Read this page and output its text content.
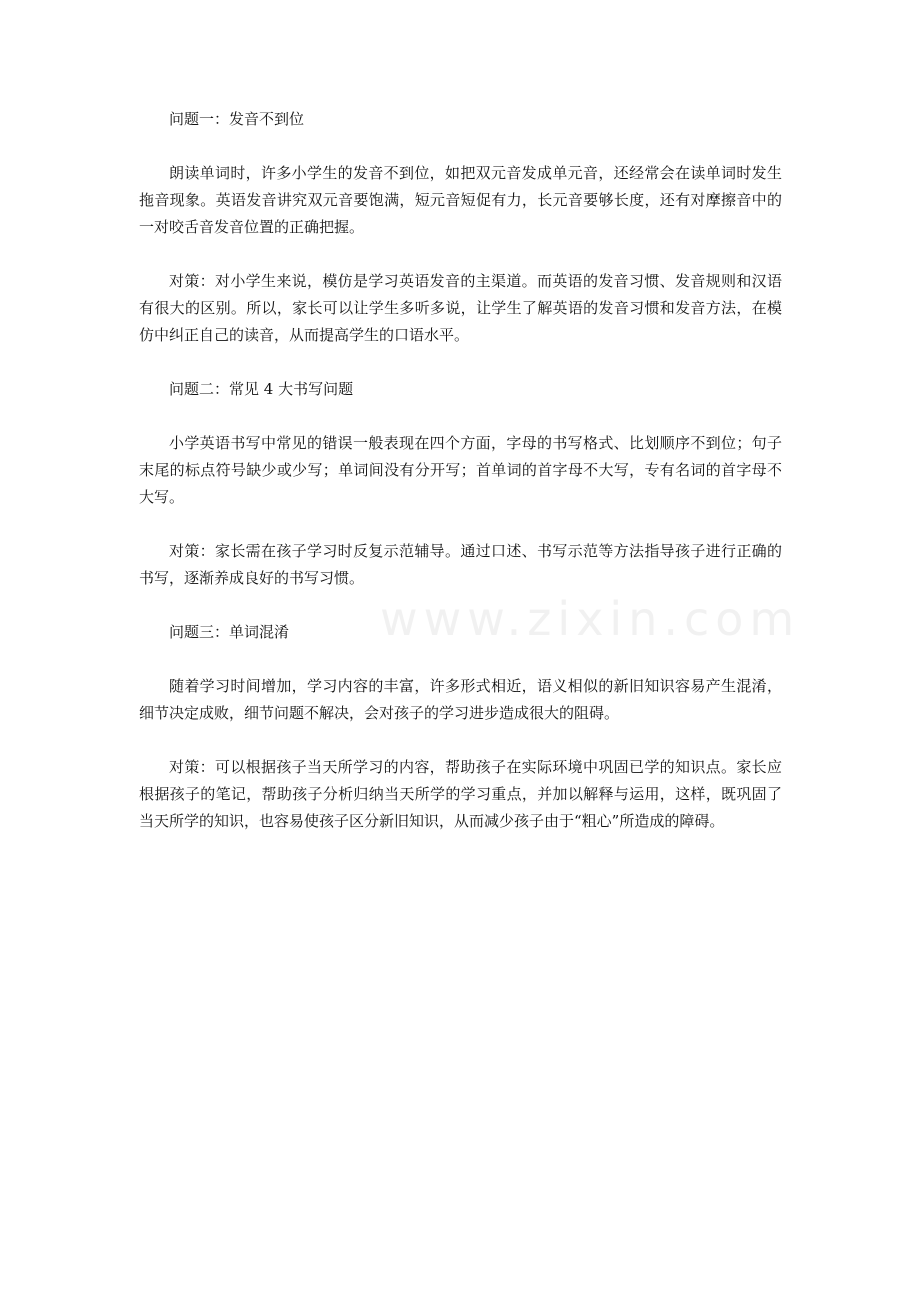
www.zixin.com

问题一：发音不到位

朗读单词时，许多小学生的发音不到位，如把双元音发成单元音，还经常会在读单词时发生拖音现象。英语发音讲究双元音要饱满，短元音短促有力，长元音要够长度，还有对摩擦音中的一对咬舌音发音位置的正确把握。

对策：对小学生来说，模仿是学习英语发音的主渠道。而英语的发音习惯、发音规则和汉语有很大的区别。所以，家长可以让学生多听多说，让学生了解英语的发音习惯和发音方法，在模仿中纠正自己的读音，从而提高学生的口语水平。

问题二：常见 4 大书写问题

小学英语书写中常见的错误一般表现在四个方面，字母的书写格式、比划顺序不到位；句子末尾的标点符号缺少或少写；单词间没有分开写；首单词的首字母不大写，专有名词的首字母不大写。

对策：家长需在孩子学习时反复示范辅导。通过口述、书写示范等方法指导孩子进行正确的书写，逐渐养成良好的书写习惯。

问题三：单词混淆

随着学习时间增加，学习内容的丰富，许多形式相近，语义相似的新旧知识容易产生混淆，细节决定成败，细节问题不解决，会对孩子的学习进步造成很大的阻碍。

对策：可以根据孩子当天所学习的内容，帮助孩子在实际环境中巩固已学的知识点。家长应根据孩子的笔记，帮助孩子分析归纳当天所学的学习重点，并加以解释与运用，这样，既巩固了当天所学的知识，也容易使孩子区分新旧知识，从而减少孩子由于“粗心”所造成的障碍。
